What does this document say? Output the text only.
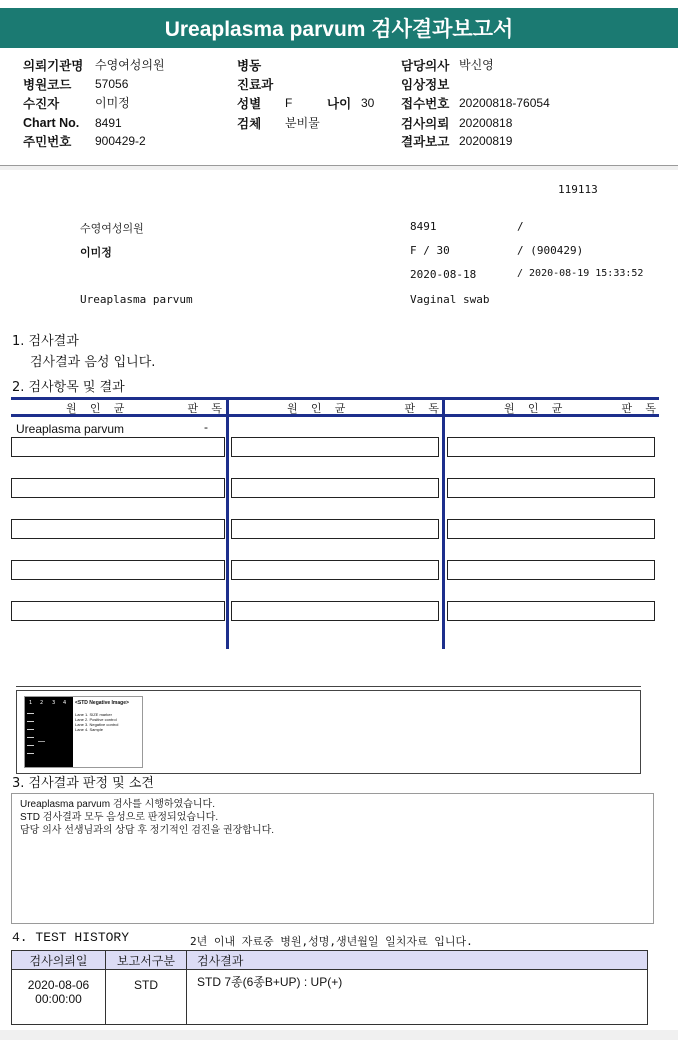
Ureaplasma parvum 검사결과보고서
의뢰기관명 수영여성의원
병원코드	57056
수진자	이미정
Chart No.	8491
주민번호	900429-2
병동
진료과
성별	F	나이 30
검체	분비물
담당의사 박신영
임상정보
접수번호 20200818-76054
검사의뢰 20200818
결과보고 20200819
119113
수영여성의원	8491	/
이미정	F / 30	/ (900429)
2020-08-18	/ 2020-08-19 15:33:52
Ureaplasma parvum	Vaginal swab
1. 검사결과
검사결과 음성 입니다.
2. 검사항목 및 결과
원  인  균	판  독	원  인  균	판  독	원  인  균	판  독
Ureaplasma parvum	-
1 2 3 4 <STD Negative Image>
Lane 1. SIZE marker
Lane 2. Positive control
Lane 3. Negative control
Lane 4. Sample
3. 검사결과 판정 및 소견
Ureaplasma parvum 검사를 시행하였습니다.
STD 검사결과 모두 음성으로 판정되었습니다.
담당 의사 선생님과의 상담 후 정기적인 검진을 권장합니다.
4. TEST HISTORY	2년 이내 자료중 병원,성명,생년월일 일치자료 입니다.
검사의뢰일	보고서구분	검사결과

2020-08-06
00:00:00	STD	STD 7종(6종B+UP) : UP(+)
